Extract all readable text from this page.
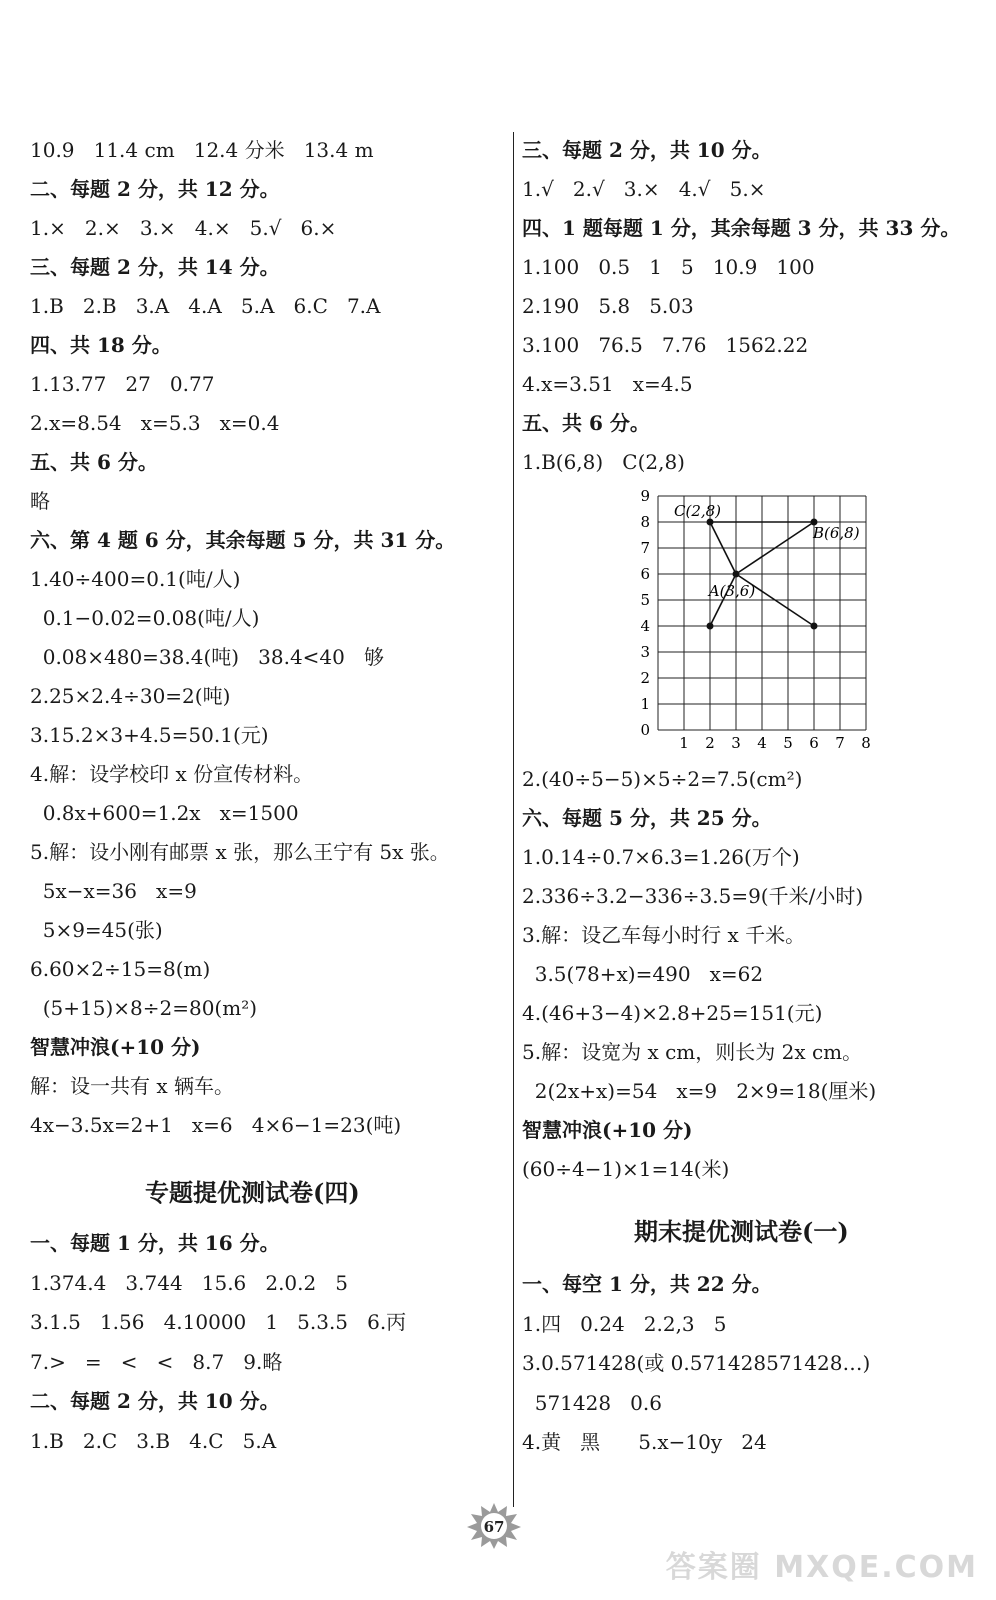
10.9   11.4 cm   12.4 分米   13.4 m
二、每题 2 分，共 12 分。
1.×   2.×   3.×   4.×   5.√   6.×
三、每题 2 分，共 14 分。
1.B   2.B   3.A   4.A   5.A   6.C   7.A
四、共 18 分。
1.13.77   27   0.77
2.x=8.54   x=5.3   x=0.4
五、共 6 分。
略
六、第 4 题 6 分，其余每题 5 分，共 31 分。
1.40÷400=0.1(吨/人)
0.1−0.02=0.08(吨/人)
0.08×480=38.4(吨)   38.4<40   够
2.25×2.4÷30=2(吨)
3.15.2×3+4.5=50.1(元)
4.解：设学校印 x 份宣传材料。
0.8x+600=1.2x   x=1500
5.解：设小刚有邮票 x 张，那么王宁有 5x 张。
5x−x=36   x=9
5×9=45(张)
6.60×2÷15=8(m)
(5+15)×8÷2=80(m²)
智慧冲浪(+10 分)
解：设一共有 x 辆车。
4x−3.5x=2+1   x=6   4×6−1=23(吨)
专题提优测试卷(四)
一、每题 1 分，共 16 分。
1.374.4   3.744   15.6   2.0.2   5
3.1.5   1.56   4.10000   1   5.3.5   6.丙
7.>   =   <   <   8.7   9.略
二、每题 2 分，共 10 分。
1.B   2.C   3.B   4.C   5.A
三、每题 2 分，共 10 分。
1.√   2.√   3.×   4.√   5.×
四、1 题每题 1 分，其余每题 3 分，共 33 分。
1.100   0.5   1   5   10.9   100
2.190   5.8   5.03
3.100   76.5   7.76   1562.22
4.x=3.51   x=4.5
五、共 6 分。
1.B(6,8)   C(2,8)
2.(40÷5−5)×5÷2=7.5(cm²)
六、每题 5 分，共 25 分。
1.0.14÷0.7×6.3=1.26(万个)
2.336÷3.2−336÷3.5=9(千米/小时)
3.解：设乙车每小时行 x 千米。
3.5(78+x)=490   x=62
4.(46+3−4)×2.8+25=151(元)
5.解：设宽为 x cm，则长为 2x cm。
2(2x+x)=54   x=9   2×9=18(厘米)
智慧冲浪(+10 分)
(60÷4−1)×1=14(米)
期末提优测试卷(一)
一、每空 1 分，共 22 分。
1.四   0.24   2.2,3   5
3.0.571428(或 0.571428571428…)
571428   0.6
4.黄   黑      5.x−10y   24
1 2 3 4 5 6 7 8
0
1
2
3
4
5
6
7
8
9
C(2,8)
B(6,8)
A(3,6)
67
答案圈 MXQE.COM
